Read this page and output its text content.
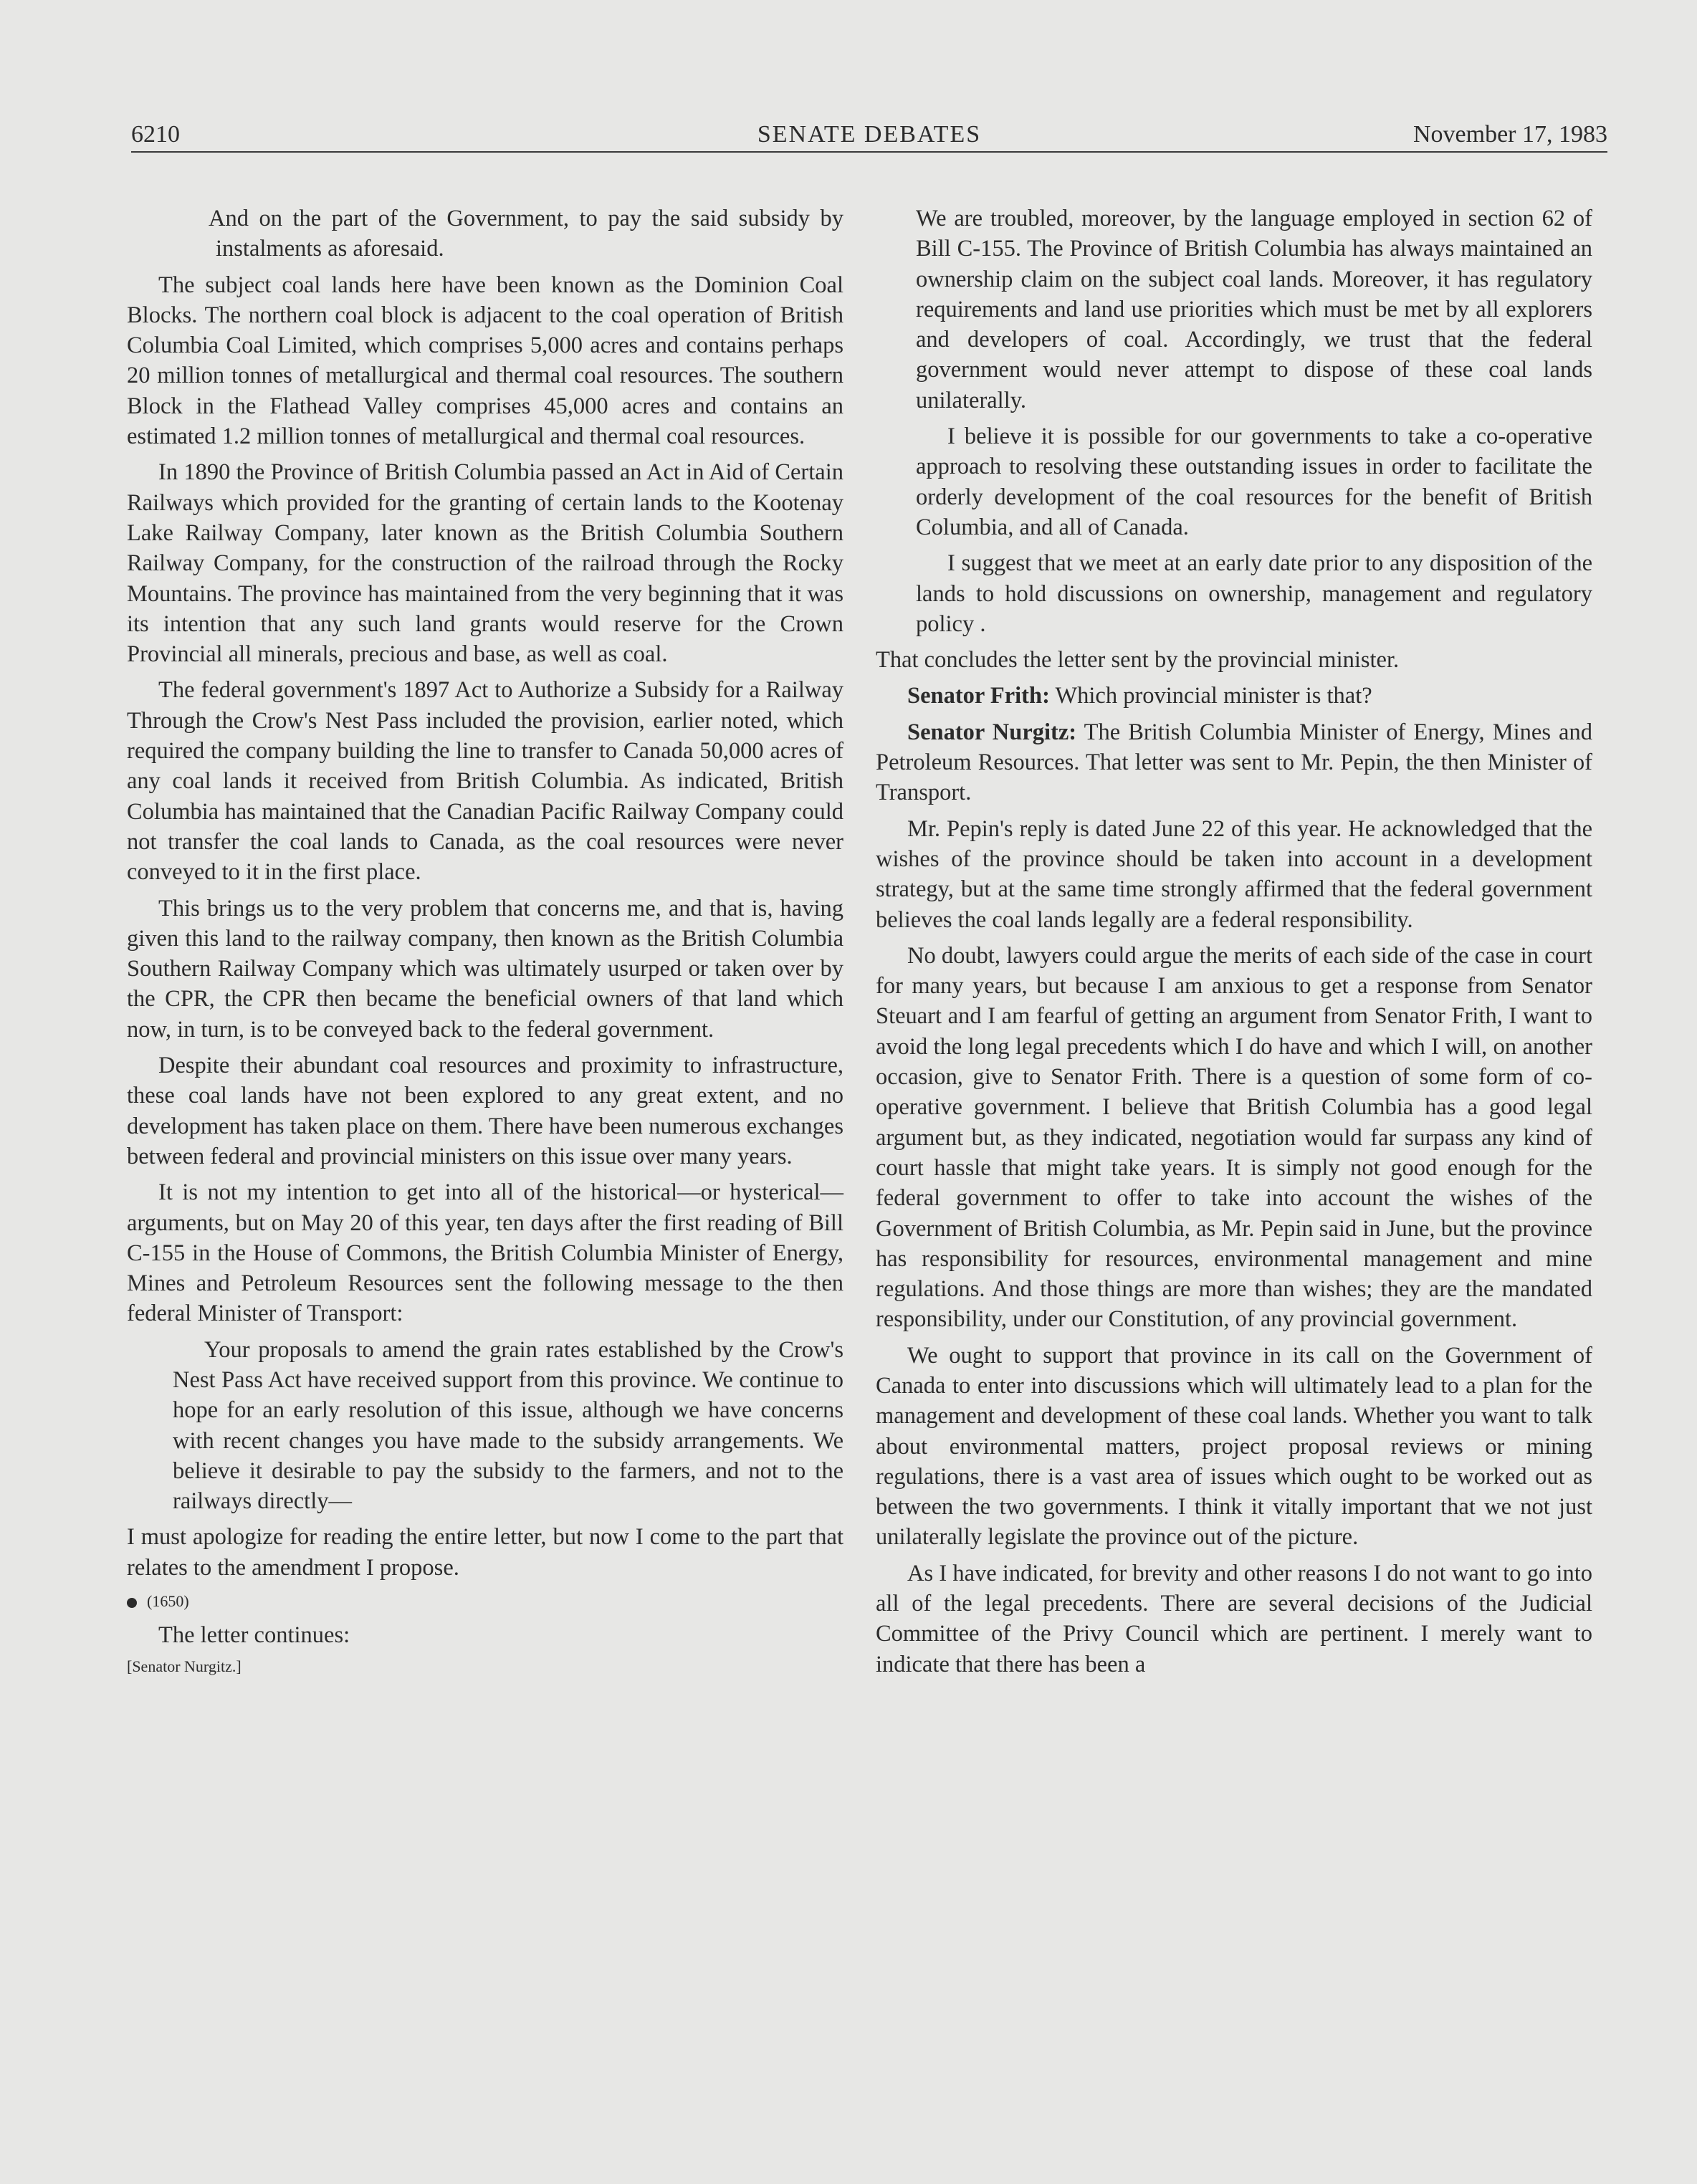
6210	SENATE DEBATES	November 17, 1983

And on the part of the Government, to pay the said subsidy by instalments as aforesaid.

The subject coal lands here have been known as the Dominion Coal Blocks. The northern coal block is adjacent to the coal operation of British Columbia Coal Limited, which comprises 5,000 acres and contains perhaps 20 million tonnes of metallurgical and thermal coal resources. The southern Block in the Flathead Valley comprises 45,000 acres and contains an estimated 1.2 million tonnes of metallurgical and thermal coal resources.

In 1890 the Province of British Columbia passed an Act in Aid of Certain Railways which provided for the granting of certain lands to the Kootenay Lake Railway Company, later known as the British Columbia Southern Railway Company, for the construction of the railroad through the Rocky Mountains. The province has maintained from the very beginning that it was its intention that any such land grants would reserve for the Crown Provincial all minerals, precious and base, as well as coal.

The federal government's 1897 Act to Authorize a Subsidy for a Railway Through the Crow's Nest Pass included the provision, earlier noted, which required the company building the line to transfer to Canada 50,000 acres of any coal lands it received from British Columbia. As indicated, British Columbia has maintained that the Canadian Pacific Railway Company could not transfer the coal lands to Canada, as the coal resources were never conveyed to it in the first place.

This brings us to the very problem that concerns me, and that is, having given this land to the railway company, then known as the British Columbia Southern Railway Company which was ultimately usurped or taken over by the CPR, the CPR then became the beneficial owners of that land which now, in turn, is to be conveyed back to the federal government.

Despite their abundant coal resources and proximity to infrastructure, these coal lands have not been explored to any great extent, and no development has taken place on them. There have been numerous exchanges between federal and provincial ministers on this issue over many years.

It is not my intention to get into all of the historical—or hysterical—arguments, but on May 20 of this year, ten days after the first reading of Bill C-155 in the House of Commons, the British Columbia Minister of Energy, Mines and Petroleum Resources sent the following message to the then federal Minister of Transport:

Your proposals to amend the grain rates established by the Crow's Nest Pass Act have received support from this province. We continue to hope for an early resolution of this issue, although we have concerns with recent changes you have made to the subsidy arrangements. We believe it desirable to pay the subsidy to the farmers, and not to the railways directly—

I must apologize for reading the entire letter, but now I come to the part that relates to the amendment I propose.

(1650)

The letter continues:

[Senator Nurgitz.]

We are troubled, moreover, by the language employed in section 62 of Bill C-155. The Province of British Columbia has always maintained an ownership claim on the subject coal lands. Moreover, it has regulatory requirements and land use priorities which must be met by all explorers and developers of coal. Accordingly, we trust that the federal government would never attempt to dispose of these coal lands unilaterally.

I believe it is possible for our governments to take a co-operative approach to resolving these outstanding issues in order to facilitate the orderly development of the coal resources for the benefit of British Columbia, and all of Canada.

I suggest that we meet at an early date prior to any disposition of the lands to hold discussions on ownership, management and regulatory policy .

That concludes the letter sent by the provincial minister.

Senator Frith: Which provincial minister is that?

Senator Nurgitz: The British Columbia Minister of Energy, Mines and Petroleum Resources. That letter was sent to Mr. Pepin, the then Minister of Transport.

Mr. Pepin's reply is dated June 22 of this year. He acknowledged that the wishes of the province should be taken into account in a development strategy, but at the same time strongly affirmed that the federal government believes the coal lands legally are a federal responsibility.

No doubt, lawyers could argue the merits of each side of the case in court for many years, but because I am anxious to get a response from Senator Steuart and I am fearful of getting an argument from Senator Frith, I want to avoid the long legal precedents which I do have and which I will, on another occasion, give to Senator Frith. There is a question of some form of co-operative government. I believe that British Columbia has a good legal argument but, as they indicated, negotiation would far surpass any kind of court hassle that might take years. It is simply not good enough for the federal government to offer to take into account the wishes of the Government of British Columbia, as Mr. Pepin said in June, but the province has responsibility for resources, environmental management and mine regulations. And those things are more than wishes; they are the mandated responsibility, under our Constitution, of any provincial government.

We ought to support that province in its call on the Government of Canada to enter into discussions which will ultimately lead to a plan for the management and development of these coal lands. Whether you want to talk about environmental matters, project proposal reviews or mining regulations, there is a vast area of issues which ought to be worked out as between the two governments. I think it vitally important that we not just unilaterally legislate the province out of the picture.

As I have indicated, for brevity and other reasons I do not want to go into all of the legal precedents. There are several decisions of the Judicial Committee of the Privy Council which are pertinent. I merely want to indicate that there has been a
